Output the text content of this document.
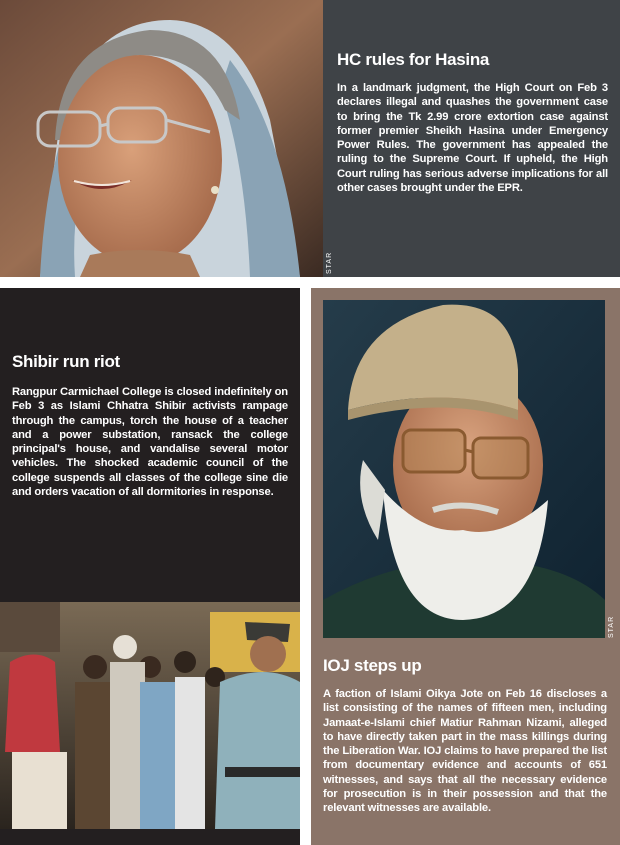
STAR
HC rules for Hasina
In a landmark judgment, the High Court on Feb 3 declares illegal and quashes the government case to bring the Tk 2.99 crore extortion case against former premier Sheikh Hasina under Emergency Power Rules. The government has appealed the ruling to the Supreme Court. If upheld, the High Court ruling has serious adverse implications for all other cases brought under the EPR.
Shibir run riot
Rangpur Carmichael College is closed indefinitely on Feb 3 as Islami Chhatra Shibir activists rampage through the campus, torch the house of a teacher and a power substation, ransack the college principal's house, and vandalise several motor vehicles. The shocked academic council of the college suspends all classes of the college sine die and orders vacation of all dormitories in response.
STAR
STAR
IOJ steps up
A faction of Islami Oikya Jote on Feb 16 discloses a list consisting of the names of fifteen men, including Jamaat-e-Islami chief Matiur Rahman Nizami, alleged to have directly taken part in the mass killings during the Liberation War. IOJ claims to have prepared the list from documentary evidence and accounts of 651 witnesses, and says that all the necessary evidence for prosecution is in their possession and that the relevant witnesses are available.
